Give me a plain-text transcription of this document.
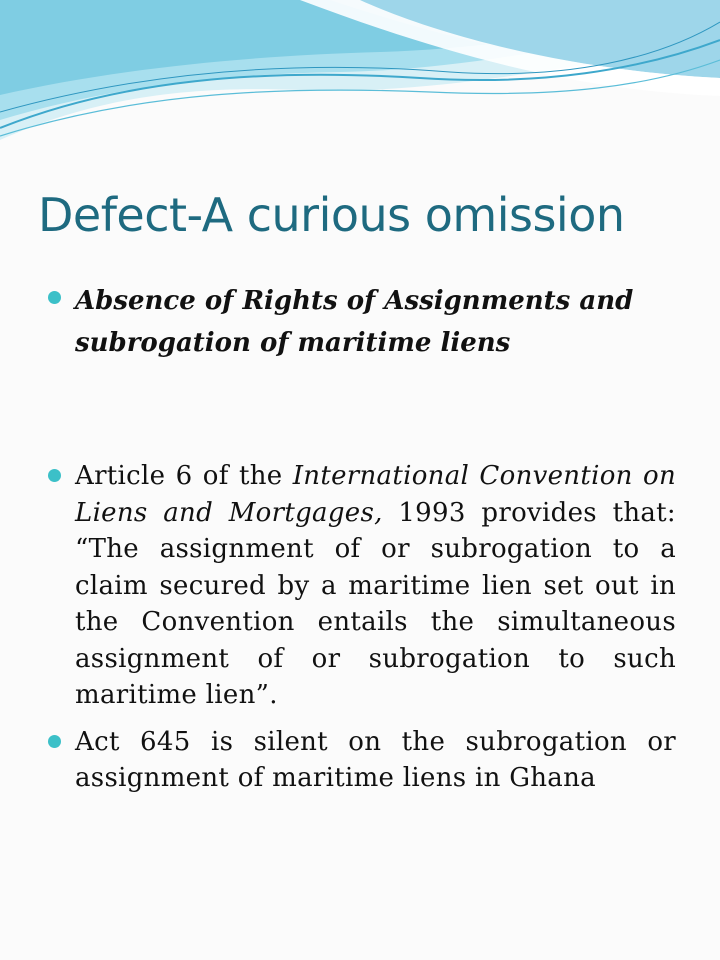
Defect-A curious omission
Absence of Rights of Assignments and subrogation of maritime liens
Article 6 of the International Convention on Liens and Mortgages, 1993 provides that: “The assignment of or subrogation to a claim secured by a maritime lien set out in the Convention entails the simultaneous assignment of or subrogation to such maritime lien”.
Act 645 is silent on the subrogation or assignment of maritime liens in Ghana
